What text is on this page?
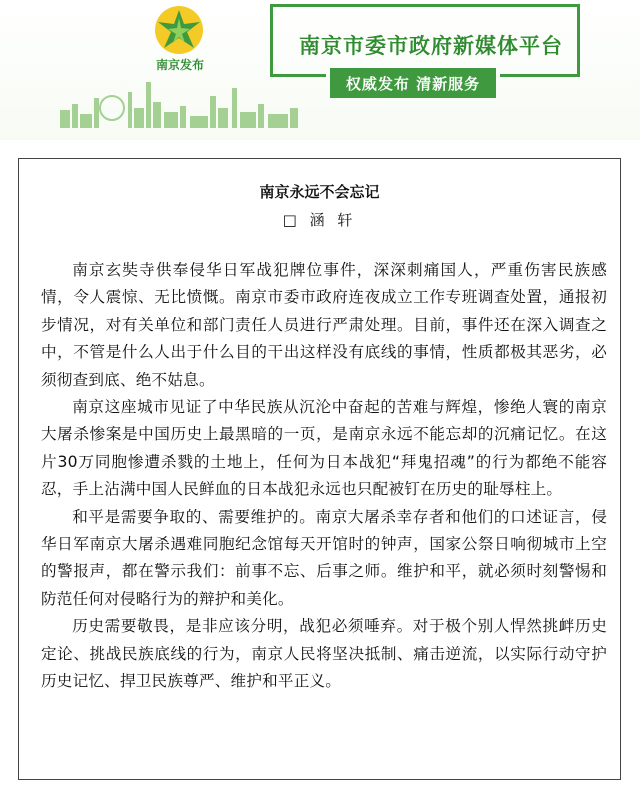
南京发布
南京市委市政府新媒体平台
权威发布 清新服务
南京永远不会忘记
□ 涵 轩

南京玄奘寺供奉侵华日军战犯牌位事件，深深刺痛国人，严重伤害民族感情，令人震惊、无比愤慨。南京市委市政府连夜成立工作专班调查处置，通报初步情况，对有关单位和部门责任人员进行严肃处理。目前，事件还在深入调查之中，不管是什么人出于什么目的干出这样没有底线的事情，性质都极其恶劣，必须彻查到底、绝不姑息。

南京这座城市见证了中华民族从沉沦中奋起的苦难与辉煌，惨绝人寰的南京大屠杀惨案是中国历史上最黑暗的一页，是南京永远不能忘却的沉痛记忆。在这片30万同胞惨遭杀戮的土地上，任何为日本战犯“拜鬼招魂”的行为都绝不能容忍，手上沾满中国人民鲜血的日本战犯永远也只配被钉在历史的耻辱柱上。

和平是需要争取的、需要维护的。南京大屠杀幸存者和他们的口述证言，侵华日军南京大屠杀遇难同胞纪念馆每天开馆时的钟声，国家公祭日响彻城市上空的警报声，都在警示我们：前事不忘、后事之师。维护和平，就必须时刻警惕和防范任何对侵略行为的辩护和美化。

历史需要敬畏，是非应该分明，战犯必须唾弃。对于极个别人悍然挑衅历史定论、挑战民族底线的行为，南京人民将坚决抵制、痛击逆流，以实际行动守护历史记忆、捍卫民族尊严、维护和平正义。
